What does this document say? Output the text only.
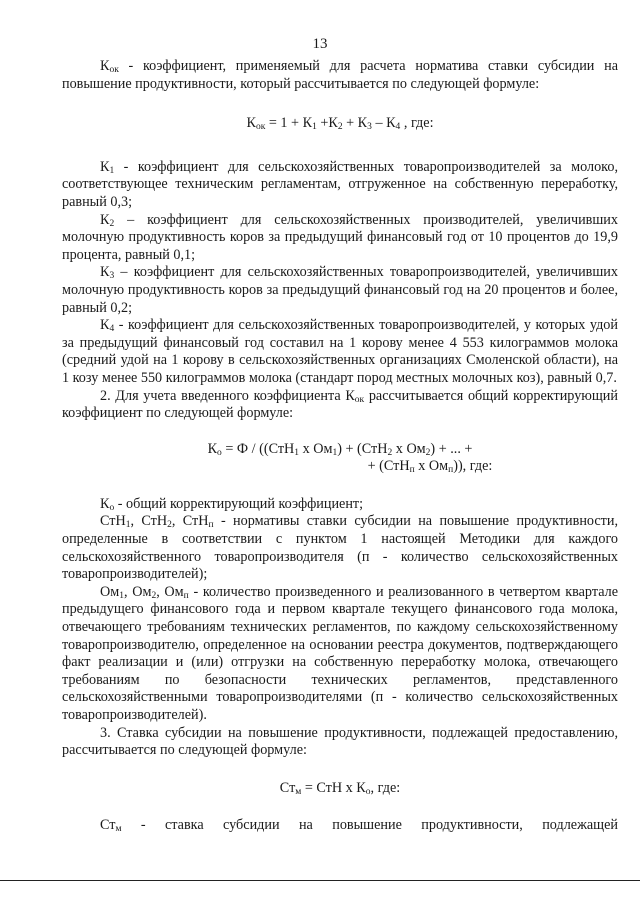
13

$К_{ок}$ - коэффициент, применяемый для расчета норматива ставки субсидии на повышение продуктивности, который рассчитывается по следующей формуле:

$К_{ок} = 1 + К_1 +К_2 + К_3 - К_4$ , где:

$К_1$ - коэффициент для сельскохозяйственных товаропроизводителей за молоко, соответствующее техническим регламентам, отгруженное на собственную переработку, равный 0,3;

$К_2$ – коэффициент для сельскохозяйственных производителей, увеличивших молочную продуктивность коров за предыдущий финансовый год от 10 процентов до 19,9 процента, равный 0,1;

$К_3$ – коэффициент для сельскохозяйственных товаропроизводителей, увеличивших молочную продуктивность коров за предыдущий финансовый год на 20 процентов и более, равный 0,2;

$К_4$ - коэффициент для сельскохозяйственных товаропроизводителей, у которых удой за предыдущий финансовый год составил на 1 корову менее 4 553 килограммов молока (средний удой на 1 корову в сельскохозяйственных организациях Смоленской области), на 1 козу менее 550 килограммов молока (стандарт пород местных молочных коз), равный 0,7.

2. Для учета введенного коэффициента $К_{ок}$ рассчитывается общий корректирующий коэффициент по следующей формуле:

$К_о = Ф / ((СтН_1$ х $Ом_1) + (СтН_2$ х $Ом_2$) + ... +
+ (СтН$_п$ х $Ом_п$)), где:

$К_о$ - общий корректирующий коэффициент;

СтН$_1$, СтН$_2$, СтН$_п$ - нормативы ставки субсидии на повышение продуктивности, определенные в соответствии с пунктом 1 настоящей Методики для каждого сельскохозяйственного товаропроизводителя (п - количество сельскохозяйственных товаропроизводителей);

$Ом_1$, $Ом_2$, $Ом_п$ - количество произведенного и реализованного в четвертом квартале предыдущего финансового года и первом квартале текущего финансового года молока, отвечающего требованиям технических регламентов, по каждому сельскохозяйственному товаропроизводителю, определенное на основании реестра документов, подтверждающего факт реализации и (или) отгрузки на собственную переработку молока, отвечающего требованиям по безопасности технических регламентов, представленного сельскохозяйственными товаропроизводителями (п - количество сельскохозяйственных товаропроизводителей).

3. Ставка субсидии на повышение продуктивности, подлежащей предоставлению, рассчитывается по следующей формуле:

$Ст_м$ = СтН х $К_о$, где:

$Ст_м$ - ставка субсидии на повышение продуктивности, подлежащей
